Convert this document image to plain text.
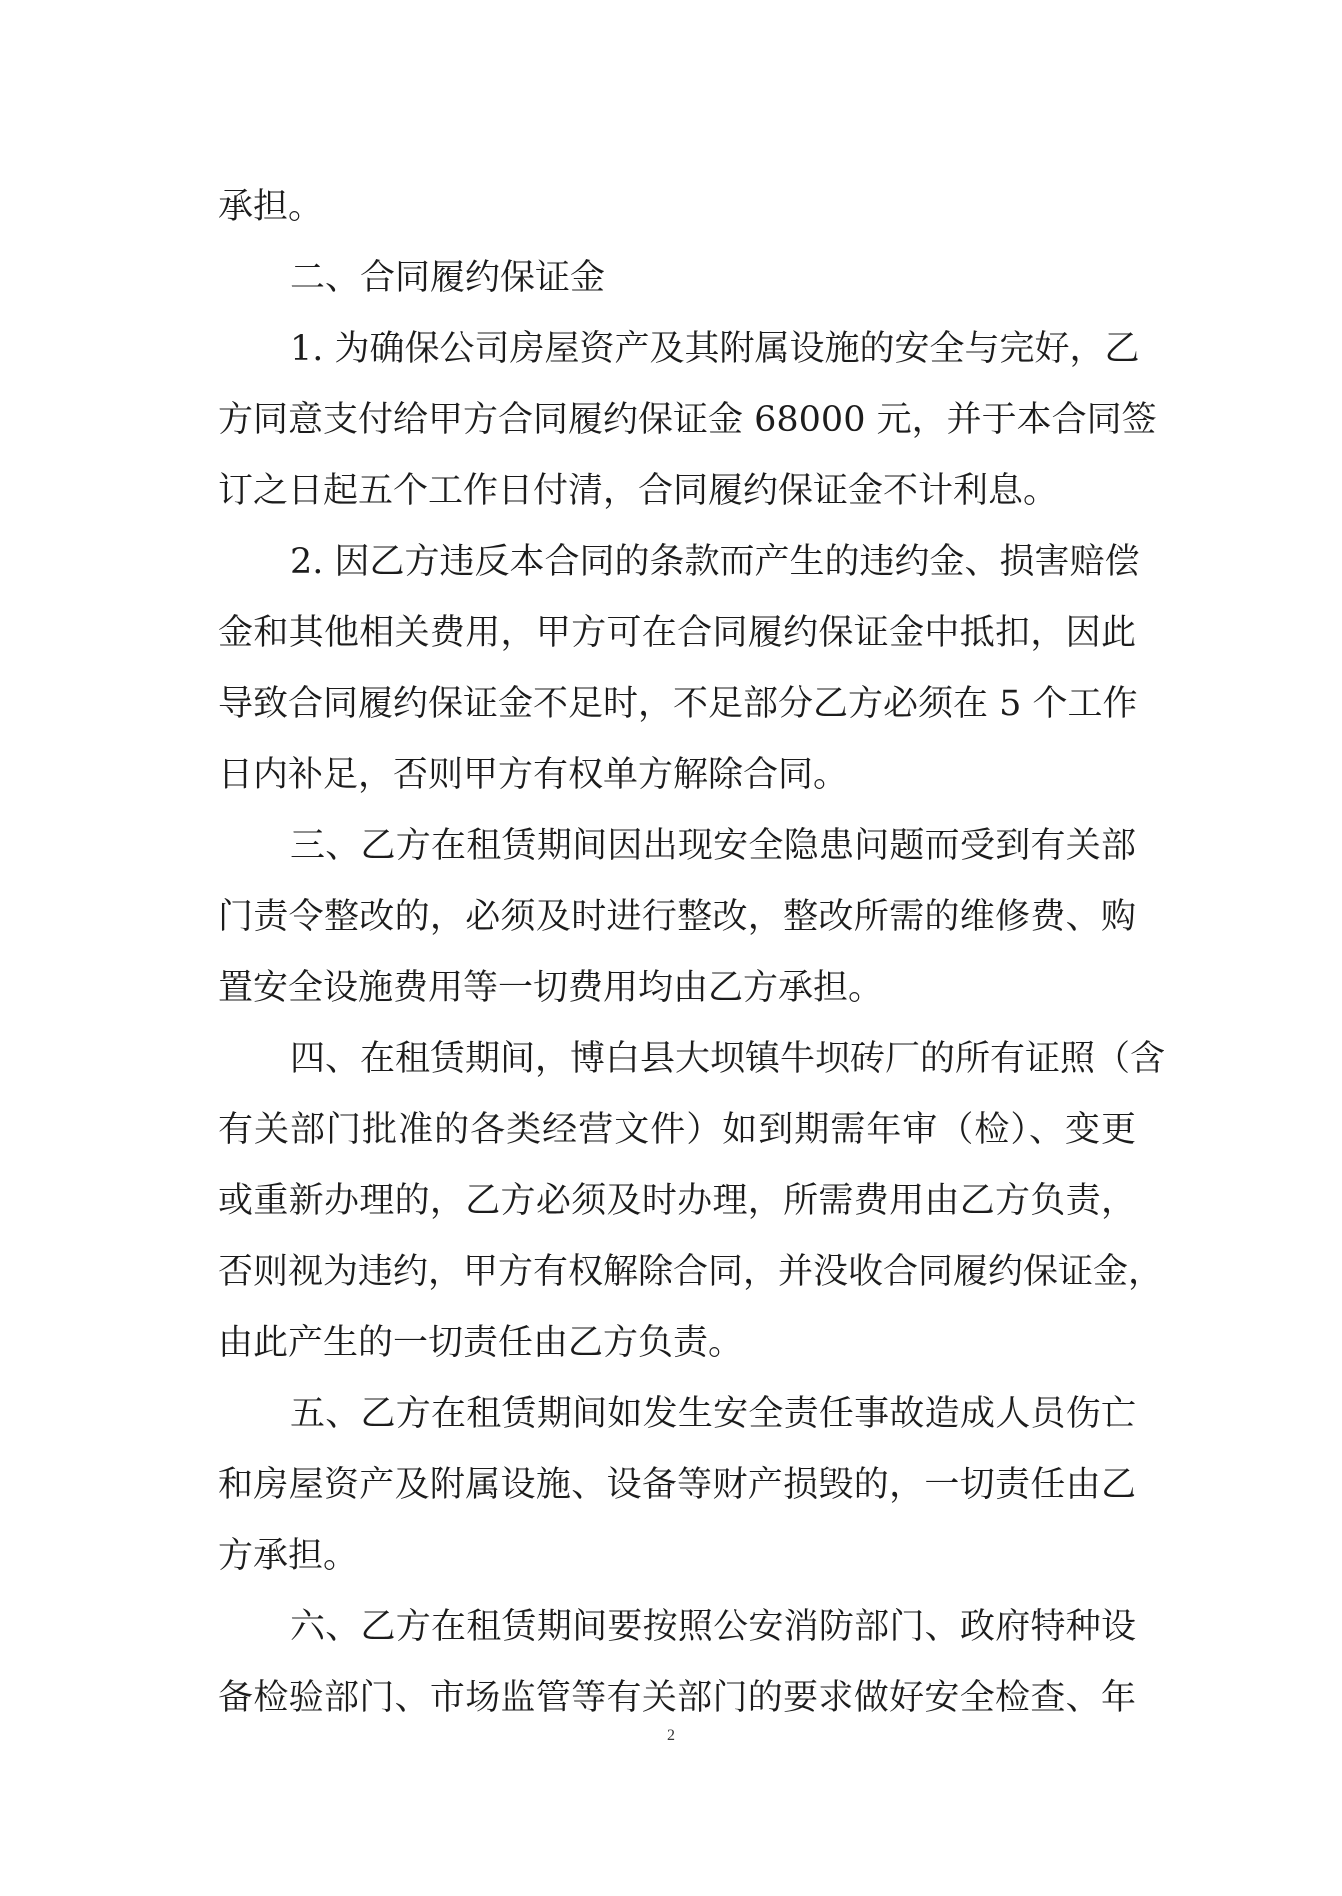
承担。
二、合同履约保证金
1. 为确保公司房屋资产及其附属设施的安全与完好，乙
方同意支付给甲方合同履约保证金 68000 元，并于本合同签
订之日起五个工作日付清，合同履约保证金不计利息。
2. 因乙方违反本合同的条款而产生的违约金、损害赔偿
金和其他相关费用，甲方可在合同履约保证金中抵扣，因此
导致合同履约保证金不足时，不足部分乙方必须在 5 个工作
日内补足，否则甲方有权单方解除合同。
三、乙方在租赁期间因出现安全隐患问题而受到有关部
门责令整改的，必须及时进行整改，整改所需的维修费、购
置安全设施费用等一切费用均由乙方承担。
四、在租赁期间，博白县大坝镇牛坝砖厂的所有证照（含
有关部门批准的各类经营文件）如到期需年审（检）、变更
或重新办理的，乙方必须及时办理，所需费用由乙方负责，
否则视为违约，甲方有权解除合同，并没收合同履约保证金，
由此产生的一切责任由乙方负责。
五、乙方在租赁期间如发生安全责任事故造成人员伤亡
和房屋资产及附属设施、设备等财产损毁的，一切责任由乙
方承担。
六、乙方在租赁期间要按照公安消防部门、政府特种设
备检验部门、市场监管等有关部门的要求做好安全检查、年
2
